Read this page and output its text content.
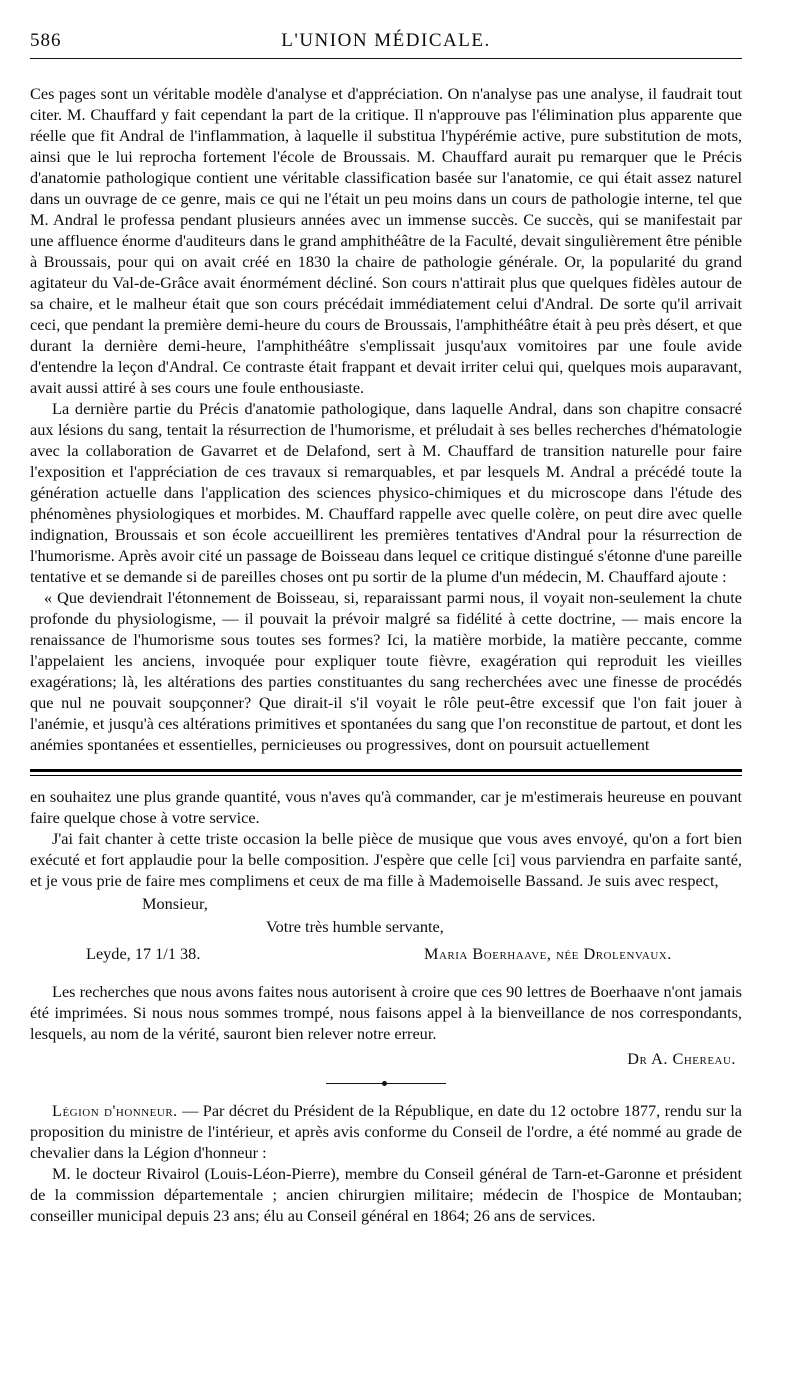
586	L'UNION MÉDICALE.

Ces pages sont un véritable modèle d'analyse et d'appréciation. On n'analyse pas une analyse, il faudrait tout citer. M. Chauffard y fait cependant la part de la critique. Il n'approuve pas l'élimination plus apparente que réelle que fit Andral de l'inflammation, à laquelle il substitua l'hypérémie active, pure substitution de mots, ainsi que le lui reprocha fortement l'école de Broussais. M. Chauffard aurait pu remarquer que le Précis d'anatomie pathologique contient une véritable classification basée sur l'anatomie, ce qui était assez naturel dans un ouvrage de ce genre, mais ce qui ne l'était un peu moins dans un cours de pathologie interne, tel que M. Andral le professa pendant plusieurs années avec un immense succès. Ce succès, qui se manifestait par une affluence énorme d'auditeurs dans le grand amphithéâtre de la Faculté, devait singulièrement être pénible à Broussais, pour qui on avait créé en 1830 la chaire de pathologie générale. Or, la popularité du grand agitateur du Val-de-Grâce avait énormément décliné. Son cours n'attirait plus que quelques fidèles autour de sa chaire, et le malheur était que son cours précédait immédiatement celui d'Andral. De sorte qu'il arrivait ceci, que pendant la première demi-heure du cours de Broussais, l'amphithéâtre était à peu près désert, et que durant la dernière demi-heure, l'amphithéâtre s'emplissait jusqu'aux vomitoires par une foule avide d'entendre la leçon d'Andral. Ce contraste était frappant et devait irriter celui qui, quelques mois auparavant, avait aussi attiré à ses cours une foule enthousiaste.

La dernière partie du Précis d'anatomie pathologique, dans laquelle Andral, dans son chapitre consacré aux lésions du sang, tentait la résurrection de l'humorisme, et préludait à ses belles recherches d'hématologie avec la collaboration de Gavarret et de Delafond, sert à M. Chauffard de transition naturelle pour faire l'exposition et l'appréciation de ces travaux si remarquables, et par lesquels M. Andral a précédé toute la génération actuelle dans l'application des sciences physico-chimiques et du microscope dans l'étude des phénomènes physiologiques et morbides. M. Chauffard rappelle avec quelle colère, on peut dire avec quelle indignation, Broussais et son école accueillirent les premières tentatives d'Andral pour la résurrection de l'humorisme. Après avoir cité un passage de Boisseau dans lequel ce critique distingué s'étonne d'une pareille tentative et se demande si de pareilles choses ont pu sortir de la plume d'un médecin, M. Chauffard ajoute :

« Que deviendrait l'étonnement de Boisseau, si, reparaissant parmi nous, il voyait non-seulement la chute profonde du physiologisme, — il pouvait la prévoir malgré sa fidélité à cette doctrine, — mais encore la renaissance de l'humorisme sous toutes ses formes? Ici, la matière morbide, la matière peccante, comme l'appelaient les anciens, invoquée pour expliquer toute fièvre, exagération qui reproduit les vieilles exagérations; là, les altérations des parties constituantes du sang recherchées avec une finesse de procédés que nul ne pouvait soupçonner? Que dirait-il s'il voyait le rôle peut-être excessif que l'on fait jouer à l'anémie, et jusqu'à ces altérations primitives et spontanées du sang que l'on reconstitue de partout, et dont les anémies spontanées et essentielles, pernicieuses ou progressives, dont on poursuit actuellement

en souhaitez une plus grande quantité, vous n'aves qu'à commander, car je m'estimerais heureuse en pouvant faire quelque chose à votre service.

J'ai fait chanter à cette triste occasion la belle pièce de musique que vous aves envoyé, qu'on a fort bien exécuté et fort applaudie pour la belle composition. J'espère que celle [ci] vous parviendra en parfaite santé, et je vous prie de faire mes complimens et ceux de ma fille à Mademoiselle Bassand. Je suis avec respect,

Monsieur,

Votre très humble servante,

Leyde, 17 1/1 38.	Maria Boerhaave, née Drolenvaux.

Les recherches que nous avons faites nous autorisent à croire que ces 90 lettres de Boerhaave n'ont jamais été imprimées. Si nous nous sommes trompé, nous faisons appel à la bienveillance de nos correspondants, lesquels, au nom de la vérité, sauront bien relever notre erreur.

Dr A. Chereau.

Légion d'honneur. — Par décret du Président de la République, en date du 12 octobre 1877, rendu sur la proposition du ministre de l'intérieur, et après avis conforme du Conseil de l'ordre, a été nommé au grade de chevalier dans la Légion d'honneur :

M. le docteur Rivairol (Louis-Léon-Pierre), membre du Conseil général de Tarn-et-Garonne et président de la commission départementale ; ancien chirurgien militaire; médecin de l'hospice de Montauban; conseiller municipal depuis 23 ans; élu au Conseil général en 1864; 26 ans de services.
